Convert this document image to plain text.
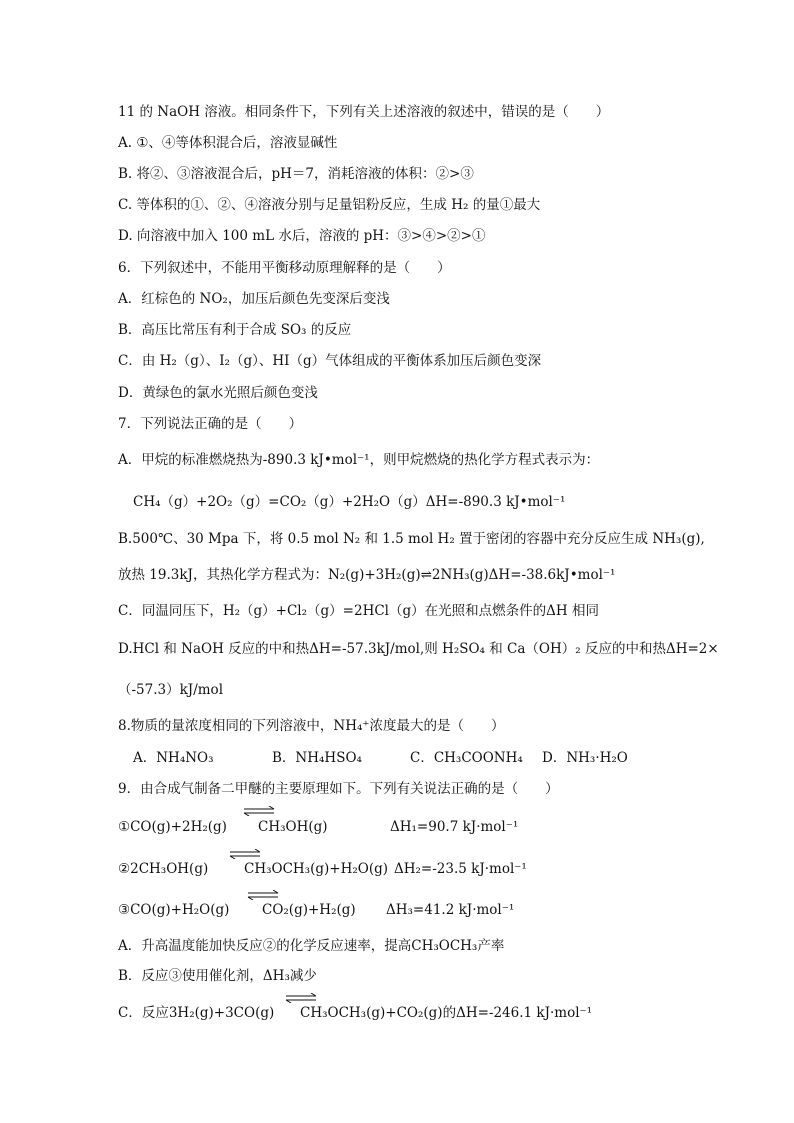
11 的 NaOH 溶液。相同条件下，下列有关上述溶液的叙述中，错误的是（　　）
A. ①、④等体积混合后，溶液显碱性
B. 将②、③溶液混合后，pH＝7，消耗溶液的体积：②>③
C. 等体积的①、②、④溶液分别与足量铝粉反应，生成 H₂ 的量①最大
D. 向溶液中加入 100 mL 水后，溶液的 pH：③>④>②>①
6．下列叙述中，不能用平衡移动原理解释的是（　　）
A．红棕色的 NO₂，加压后颜色先变深后变浅
B．高压比常压有利于合成 SO₃ 的反应
C．由 H₂（g）、I₂（g）、HI（g）气体组成的平衡体系加压后颜色变深
D．黄绿色的氯水光照后颜色变浅
7．下列说法正确的是（　　）
A．甲烷的标准燃烧热为-890.3 kJ•mol⁻¹，则甲烷燃烧的热化学方程式表示为：
CH₄（g）+2O₂（g）=CO₂（g）+2H₂O（g）ΔH=-890.3 kJ•mol⁻¹
B.500℃、30 Mpa 下，将 0.5 mol N₂ 和 1.5 mol H₂ 置于密闭的容器中充分反应生成 NH₃(g),
放热 19.3kJ，其热化学方程式为：N₂(g)+3H₂(g)⇌2NH₃(g)ΔH=-38.6kJ•mol⁻¹
C．同温同压下，H₂（g）+Cl₂（g）=2HCl（g）在光照和点燃条件的ΔH 相同
D.HCl 和 NaOH 反应的中和热ΔH=-57.3kJ/mol,则 H₂SO₄ 和 Ca（OH）₂ 反应的中和热ΔH=2×
（-57.3）kJ/mol
8.物质的量浓度相同的下列溶液中，NH₄⁺浓度最大的是（　　）
A．NH₄NO₃	B．NH₄HSO₄	C．CH₃COONH₄ D．NH₃·H₂O
9．由合成气制备二甲醚的主要原理如下。下列有关说法正确的是（　　）
①CO(g)+2H₂(g) CH₃OH(g)	ΔH₁=90.7 kJ·mol⁻¹
②2CH₃OH(g)	CH₃OCH₃(g)+H₂O(g) ΔH₂=-23.5 kJ·mol⁻¹
③CO(g)+H₂O(g) CO₂(g)+H₂(g) ΔH₃=41.2 kJ·mol⁻¹
A．升高温度能加快反应②的化学反应速率，提高CH₃OCH₃产率
B．反应③使用催化剂，ΔH₃减少
C．反应3H₂(g)+3CO(g) CH₃OCH₃(g)+CO₂(g)的ΔH=-246.1 kJ·mol⁻¹
